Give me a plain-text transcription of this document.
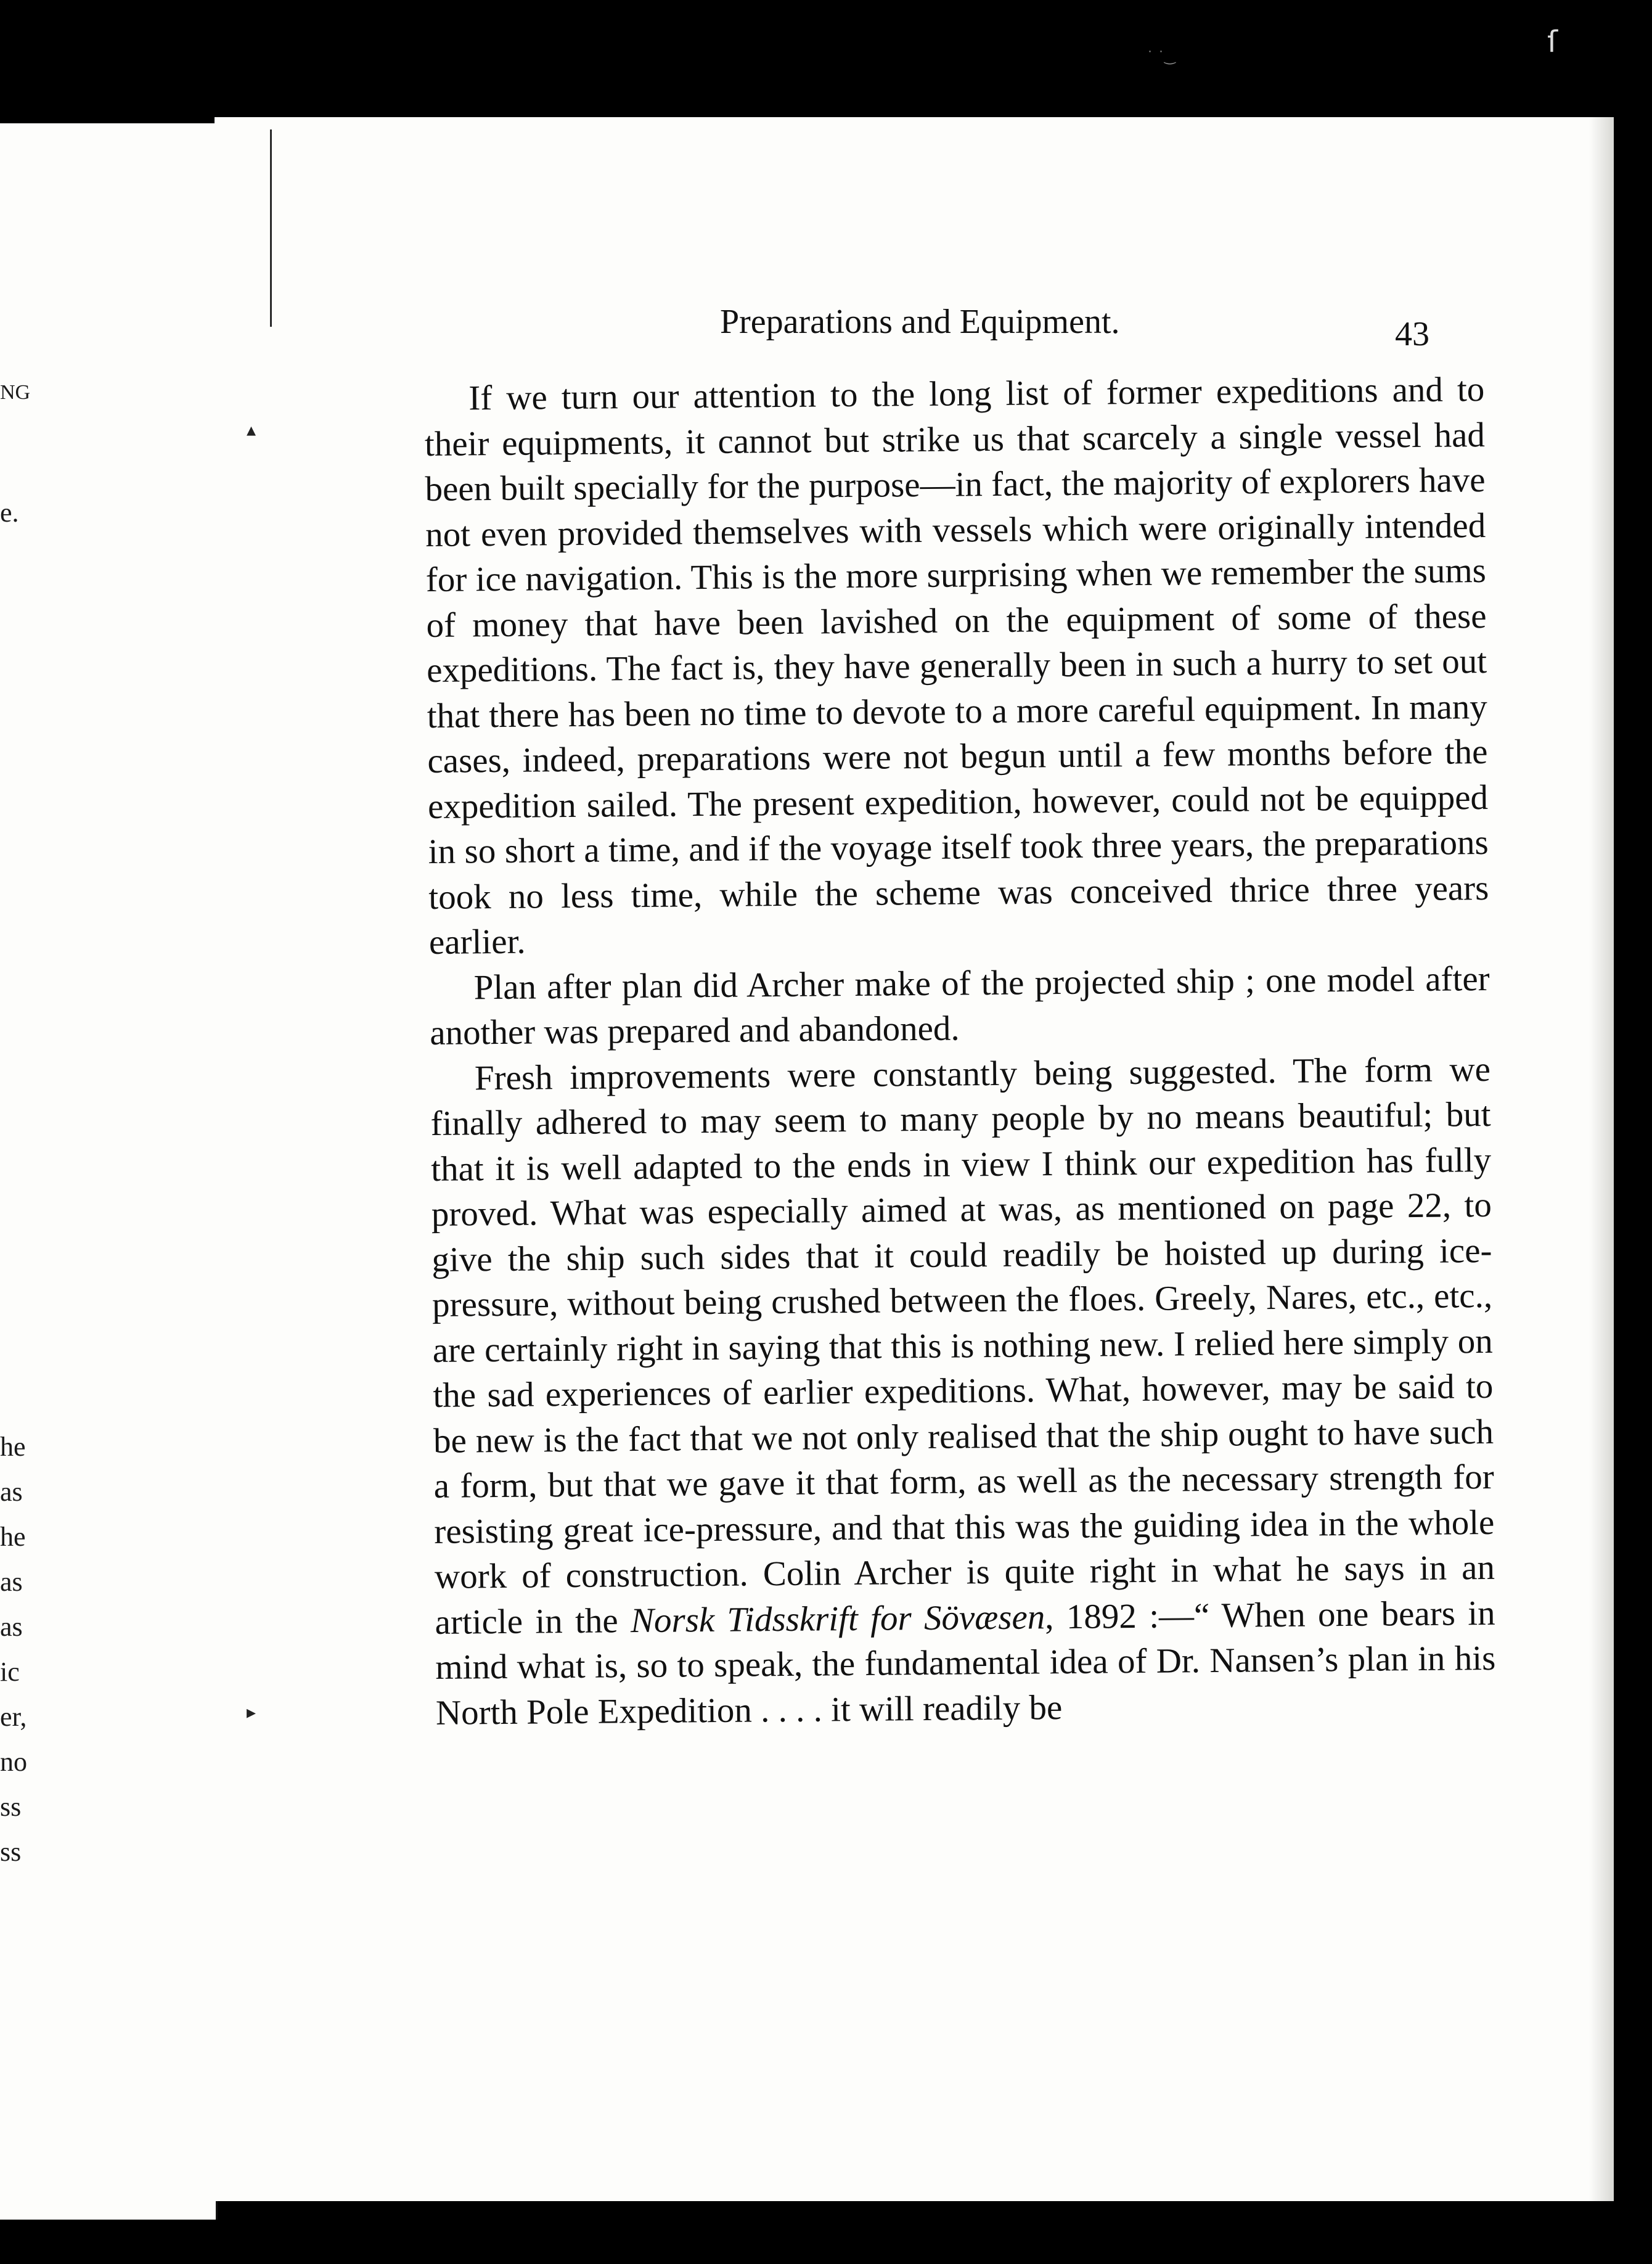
NG

e.

he

as

he

as

as

ic

er,

no

ss

ss

▴
▸
Preparations and Equipment.	43

If we turn our attention to the long list of former expeditions and to their equipments, it cannot but strike us that scarcely a single vessel had been built specially for the purpose—in fact, the majority of explorers have not even provided themselves with vessels which were originally intended for ice navigation. This is the more surprising when we remember the sums of money that have been lavished on the equipment of some of these expeditions. The fact is, they have generally been in such a hurry to set out that there has been no time to devote to a more careful equipment. In many cases, indeed, preparations were not begun until a few months before the expedition sailed. The present expedition, however, could not be equipped in so short a time, and if the voyage itself took three years, the preparations took no less time, while the scheme was conceived thrice three years earlier.

Plan after plan did Archer make of the projected ship ; one model after another was prepared and abandoned.

Fresh improvements were constantly being suggested. The form we finally adhered to may seem to many people by no means beautiful; but that it is well adapted to the ends in view I think our expedition has fully proved. What was especially aimed at was, as mentioned on page 22, to give the ship such sides that it could readily be hoisted up during ice-pressure, without being crushed between the floes. Greely, Nares, etc., etc., are certainly right in saying that this is nothing new. I relied here simply on the sad experiences of earlier expeditions. What, however, may be said to be new is the fact that we not only realised that the ship ought to have such a form, but that we gave it that form, as well as the necessary strength for resisting great ice-pressure, and that this was the guiding idea in the whole work of construction. Colin Archer is quite right in what he says in an article in the Norsk Tidsskrift for Sövæsen, 1892 :—“ When one bears in mind what is, so to speak, the fundamental idea of Dr. Nansen’s plan in his North Pole Expedition . . . . it will readily be

ſ
˙ ˙‿
